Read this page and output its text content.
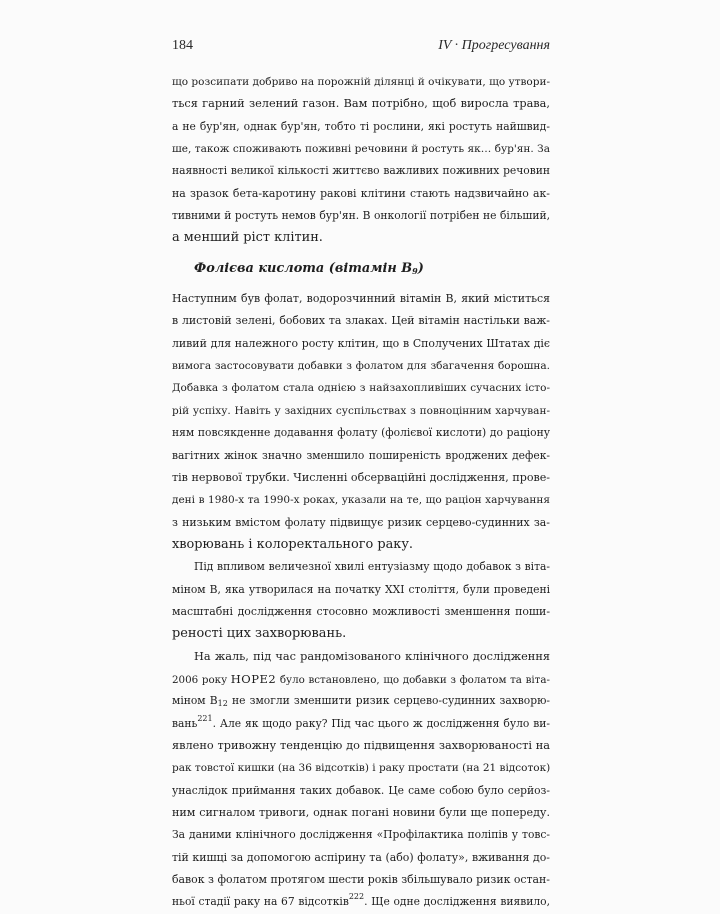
184	IV · Прогресування
що розсипати добриво на порожній ділянці й очікувати, що утвори-
ться гарний зелений газон. Вам потрібно, щоб виросла трава,
а не бур'ян, однак бур'ян, тобто ті рослини, які ростуть найшвид-
ше, також споживають поживні речовини й ростуть як… бур'ян. За
наявності великої кількості життєво важливих поживних речовин
на зразок бета-каротину ракові клітини стають надзвичайно ак-
тивними й ростуть немов бур'ян. В онкології потрібен не більший,
а менший ріст клітин.
Фолієва кислота (вітамін $B_9$)
Наступним був фолат, водорозчинний вітамін B, який міститься
в листовій зелені, бобових та злаках. Цей вітамін настільки важ-
ливий для належного росту клітин, що в Сполучених Штатах діє
вимога застосовувати добавки з фолатом для збагачення борошна.
Добавка з фолатом стала однією з найзахопливіших сучасних істо-
рій успіху. Навіть у західних суспільствах з повноцінним харчуван-
ням повсякденне додавання фолату (фолієвої кислоти) до раціону
вагітних жінок значно зменшило поширеність вроджених дефек-
тів нервової трубки. Численні обсерваційні дослідження, прове-
дені в 1980-х та 1990-х роках, указали на те, що раціон харчування
з низьким вмістом фолату підвищує ризик серцево-судинних за-
хворювань і колоректального раку.
Під впливом величезної хвилі ентузіазму щодо добавок з віта-
міном B, яка утворилася на початку XXI століття, були проведені
масштабні дослідження стосовно можливості зменшення поши-
реності цих захворювань.
На жаль, під час рандомізованого клінічного дослідження
2006 року HOPE2 було встановлено, що добавки з фолатом та віта-
міном $B_{12}$ не змогли зменшити ризик серцево-судинних захворю-
вань$^{221}$. Але як щодо раку? Під час цього ж дослідження було ви-
явлено тривожну тенденцію до підвищення захворюваності на
рак товстої кишки (на 36 відсотків) і раку простати (на 21 відсоток)
унаслідок приймання таких добавок. Це саме собою було серйоз-
ним сигналом тривоги, однак погані новини були ще попереду.
За даними клінічного дослідження «Профілактика поліпів у товс-
тій кишці за допомогою аспірину та (або) фолату», вживання до-
бавок з фолатом протягом шести років збільшувало ризик остан-
ньої стадії раку на 67 відсотків$^{222}$. Ще одне дослідження виявило,
